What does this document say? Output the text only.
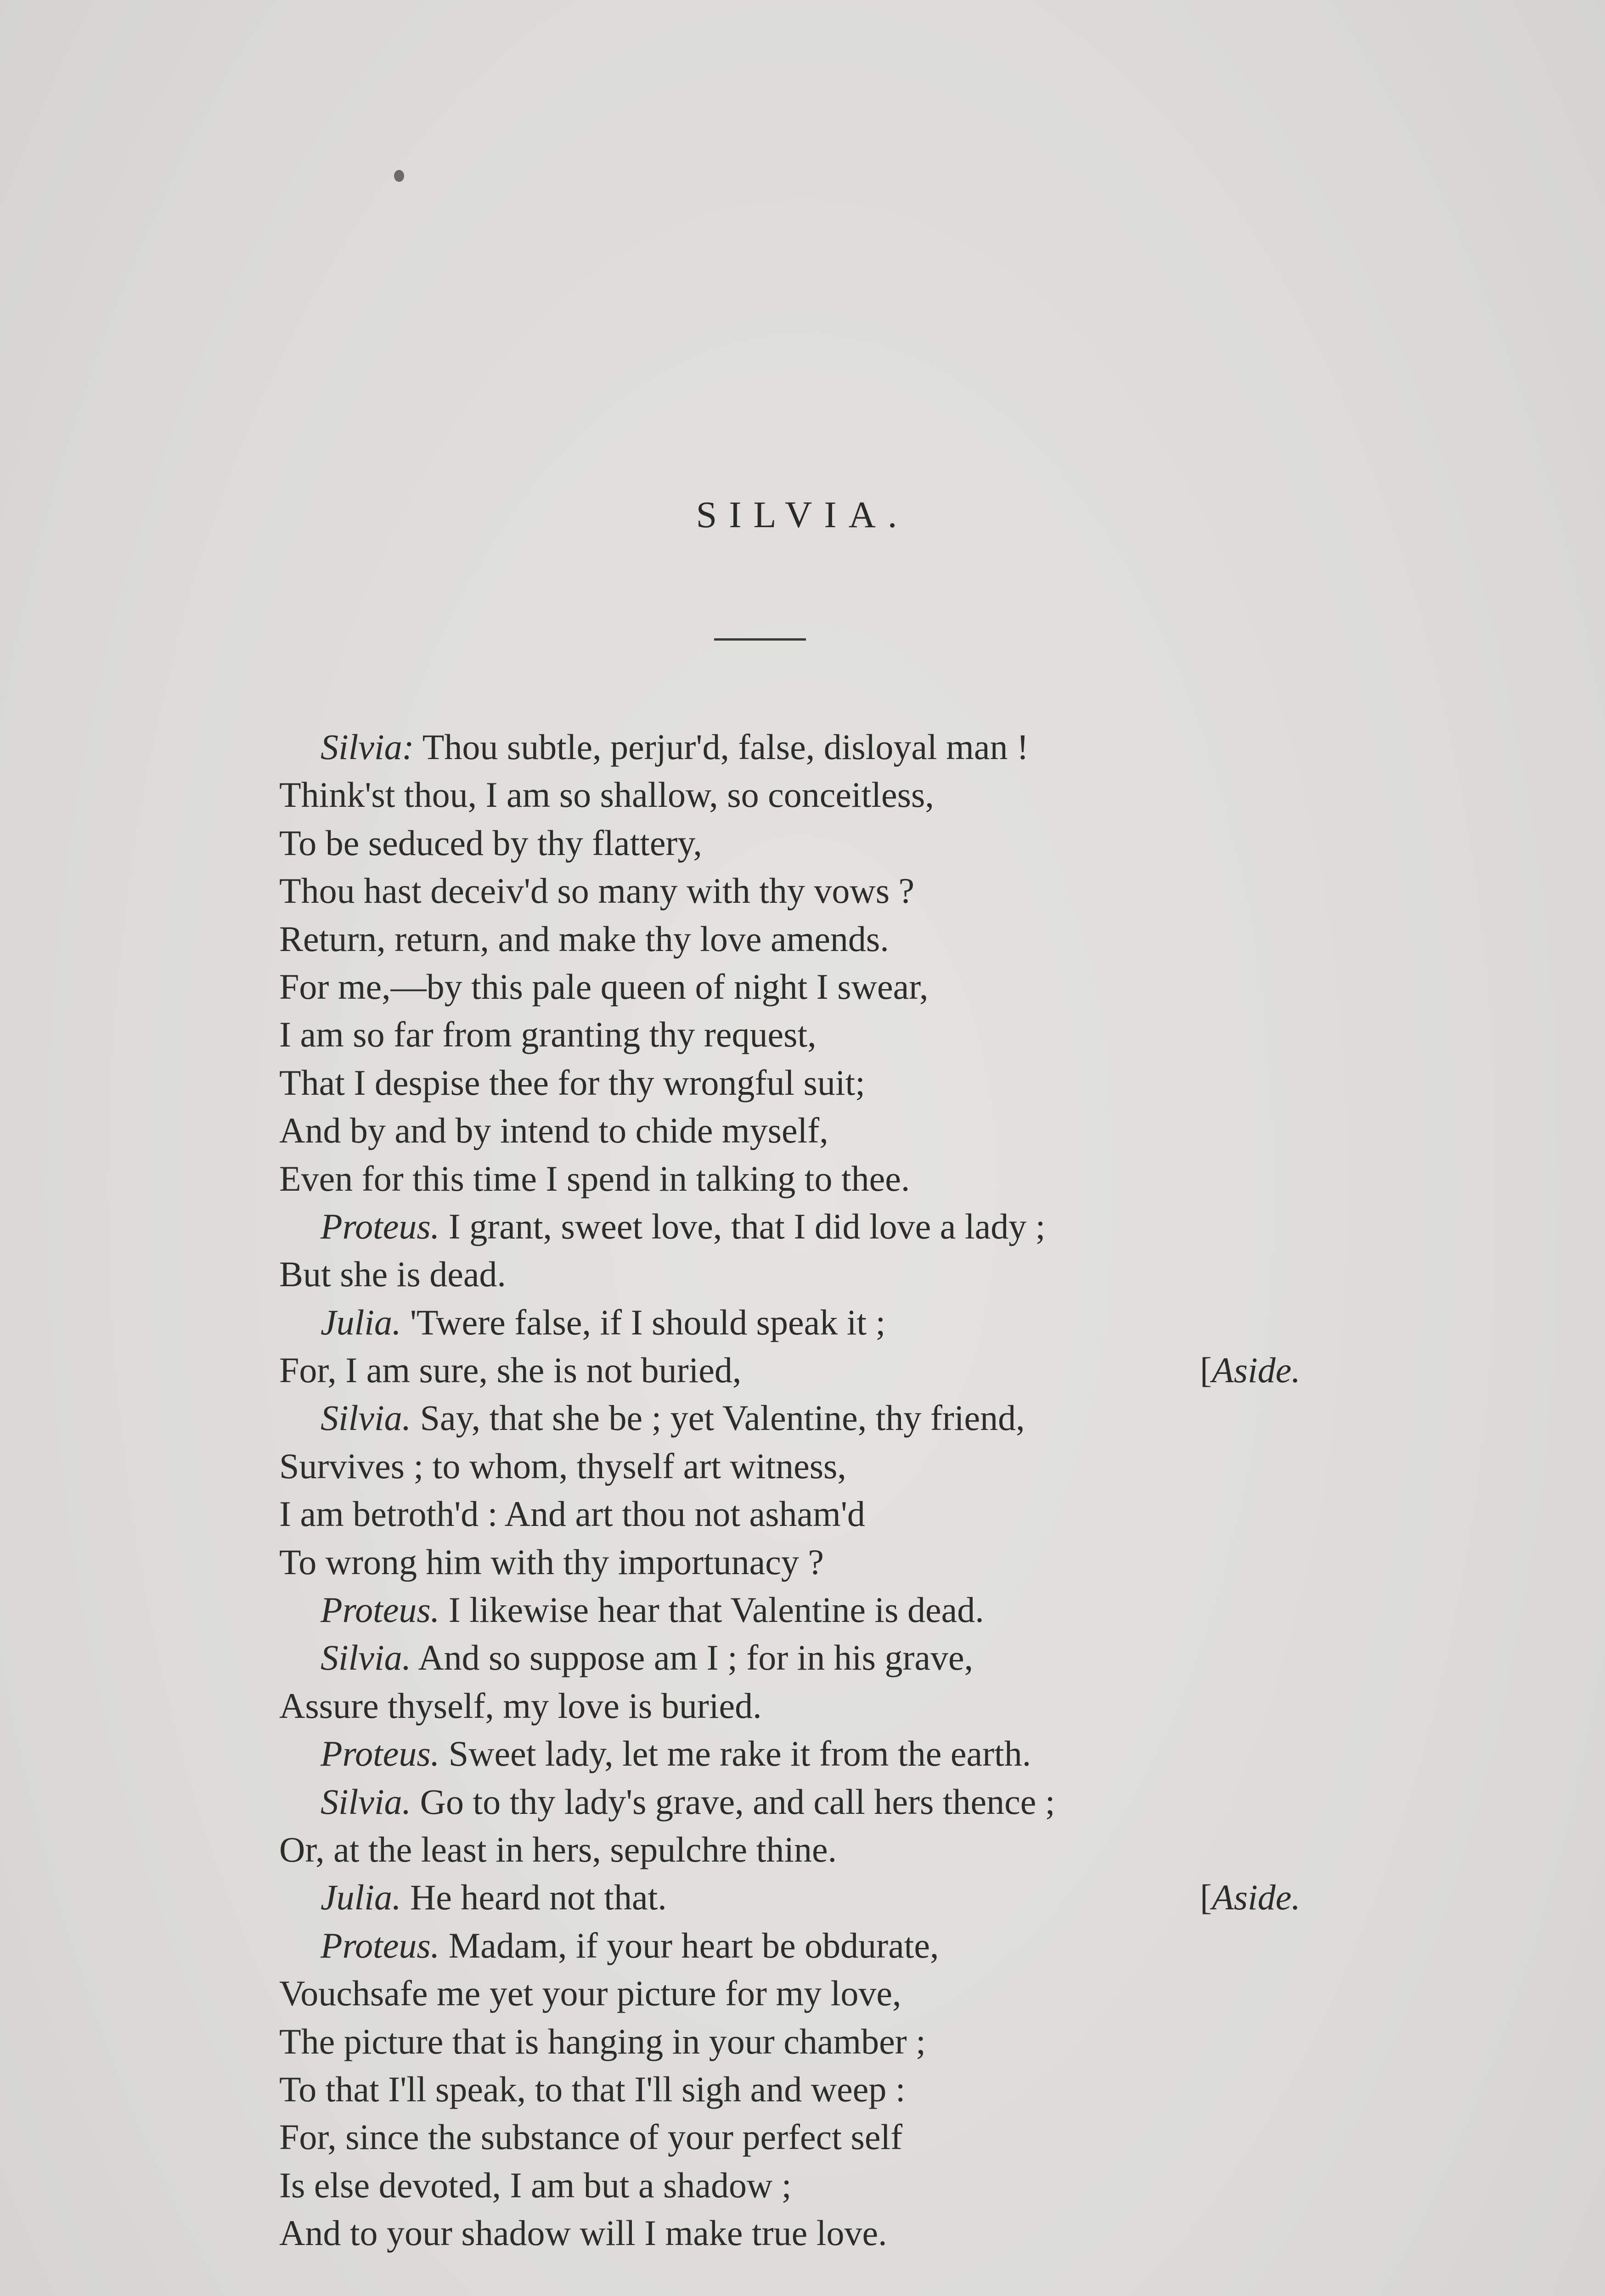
SILVIA.
Silvia: Thou subtle, perjur'd, false, disloyal man !
Think'st thou, I am so shallow, so conceitless,
To be seduced by thy flattery,
Thou hast deceiv'd so many with thy vows ?
Return, return, and make thy love amends.
For me,—by this pale queen of night I swear,
I am so far from granting thy request,
That I despise thee for thy wrongful suit;
And by and by intend to chide myself,
Even for this time I spend in talking to thee.
Proteus. I grant, sweet love, that I did love a lady ;
But she is dead.
Julia. 'Twere false, if I should speak it ;
For, I am sure, she is not buried,	[Aside.
Silvia. Say, that she be ; yet Valentine, thy friend,
Survives ; to whom, thyself art witness,
I am betroth'd : And art thou not asham'd
To wrong him with thy importunacy ?
Proteus. I likewise hear that Valentine is dead.
Silvia. And so suppose am I ; for in his grave,
Assure thyself, my love is buried.
Proteus. Sweet lady, let me rake it from the earth.
Silvia. Go to thy lady's grave, and call hers thence ;
Or, at the least in hers, sepulchre thine.
Julia. He heard not that.	[Aside.
Proteus. Madam, if your heart be obdurate,
Vouchsafe me yet your picture for my love,
The picture that is hanging in your chamber ;
To that I'll speak, to that I'll sigh and weep :
For, since the substance of your perfect self
Is else devoted, I am but a shadow ;
And to your shadow will I make true love.
